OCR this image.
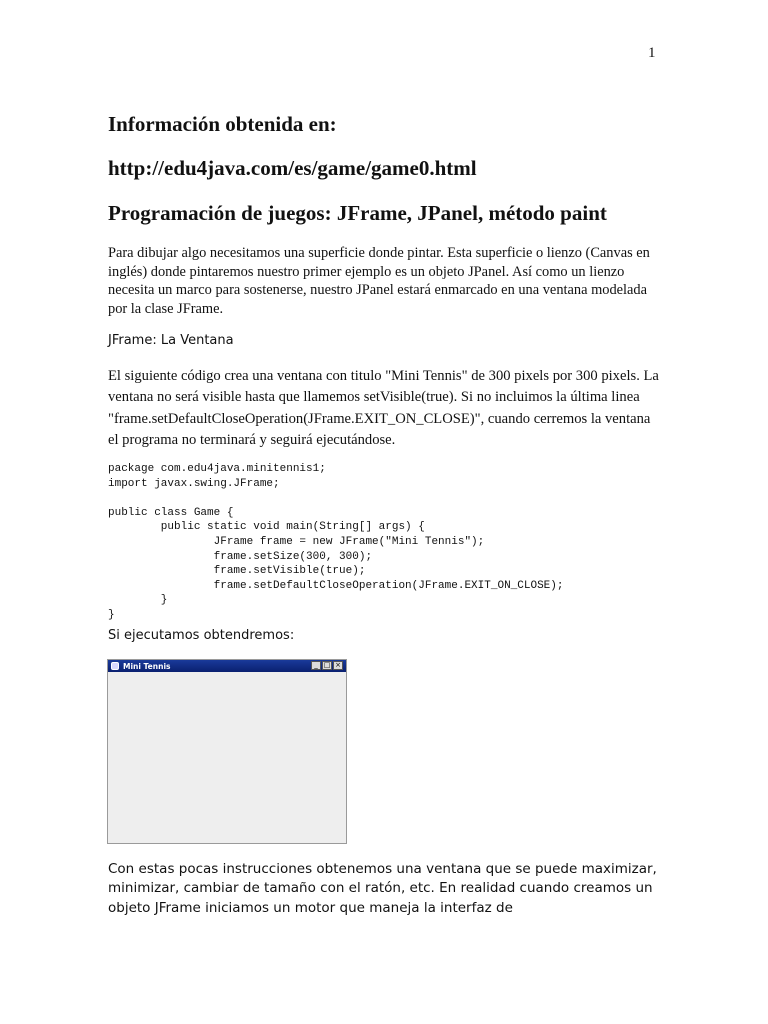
1
Información obtenida en:
http://edu4java.com/es/game/game0.html
Programación de juegos: JFrame, JPanel, método paint
Para dibujar algo necesitamos una superficie donde pintar. Esta superficie o lienzo (Canvas en inglés) donde pintaremos nuestro primer ejemplo es un objeto JPanel. Así como un lienzo necesita un marco para sostenerse, nuestro JPanel estará enmarcado en una ventana modelada por la clase JFrame.
JFrame: La Ventana
El siguiente código crea una ventana con titulo "Mini Tennis" de 300 pixels por 300 pixels. La ventana no será visible hasta que llamemos setVisible(true). Si no incluimos la última linea "frame.setDefaultCloseOperation(JFrame.EXIT_ON_CLOSE)", cuando cerremos la ventana el programa no terminará y seguirá ejecutándose.
package com.edu4java.minitennis1;
import javax.swing.JFrame;

public class Game {
public static void main(String[] args) {
JFrame frame = new JFrame("Mini Tennis");
frame.setSize(300, 300);
frame.setVisible(true);
frame.setDefaultCloseOperation(JFrame.EXIT_ON_CLOSE);
}
}
Si ejecutamos obtendremos:
Con estas pocas instrucciones obtenemos una ventana que se puede maximizar, minimizar, cambiar de tamaño con el ratón, etc. En realidad cuando creamos un objeto JFrame iniciamos un motor que maneja la interfaz de
Mini Tennis	_ □ ×
